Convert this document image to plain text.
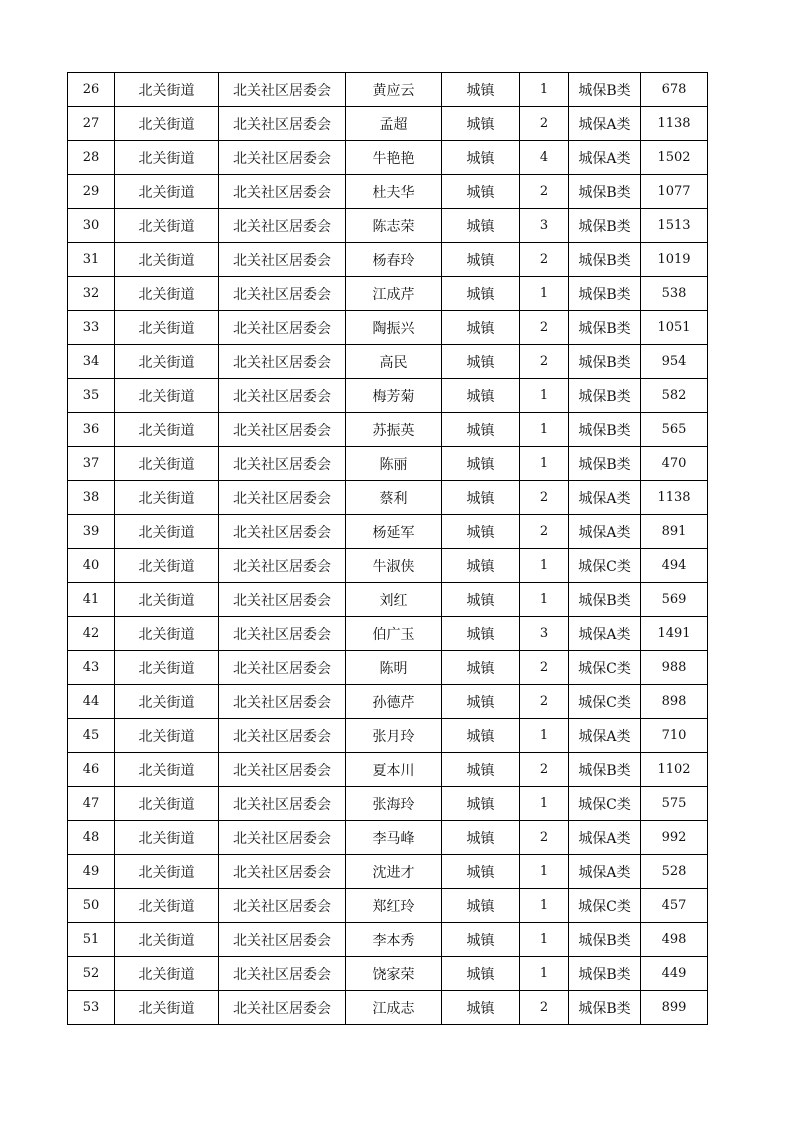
26	北关街道	北关社区居委会	黄应云	城镇	1	城保B类	678
27	北关街道	北关社区居委会	孟超	城镇	2	城保A类	1138
28	北关街道	北关社区居委会	牛艳艳	城镇	4	城保A类	1502
29	北关街道	北关社区居委会	杜夫华	城镇	2	城保B类	1077
30	北关街道	北关社区居委会	陈志荣	城镇	3	城保B类	1513
31	北关街道	北关社区居委会	杨春玲	城镇	2	城保B类	1019
32	北关街道	北关社区居委会	江成芹	城镇	1	城保B类	538
33	北关街道	北关社区居委会	陶振兴	城镇	2	城保B类	1051
34	北关街道	北关社区居委会	高民	城镇	2	城保B类	954
35	北关街道	北关社区居委会	梅芳菊	城镇	1	城保B类	582
36	北关街道	北关社区居委会	苏振英	城镇	1	城保B类	565
37	北关街道	北关社区居委会	陈丽	城镇	1	城保B类	470
38	北关街道	北关社区居委会	蔡利	城镇	2	城保A类	1138
39	北关街道	北关社区居委会	杨延军	城镇	2	城保A类	891
40	北关街道	北关社区居委会	牛淑侠	城镇	1	城保C类	494
41	北关街道	北关社区居委会	刘红	城镇	1	城保B类	569
42	北关街道	北关社区居委会	伯广玉	城镇	3	城保A类	1491
43	北关街道	北关社区居委会	陈明	城镇	2	城保C类	988
44	北关街道	北关社区居委会	孙德芹	城镇	2	城保C类	898
45	北关街道	北关社区居委会	张月玲	城镇	1	城保A类	710
46	北关街道	北关社区居委会	夏本川	城镇	2	城保B类	1102
47	北关街道	北关社区居委会	张海玲	城镇	1	城保C类	575
48	北关街道	北关社区居委会	李马峰	城镇	2	城保A类	992
49	北关街道	北关社区居委会	沈进才	城镇	1	城保A类	528
50	北关街道	北关社区居委会	郑红玲	城镇	1	城保C类	457
51	北关街道	北关社区居委会	李本秀	城镇	1	城保B类	498
52	北关街道	北关社区居委会	饶家荣	城镇	1	城保B类	449
53	北关街道	北关社区居委会	江成志	城镇	2	城保B类	899
